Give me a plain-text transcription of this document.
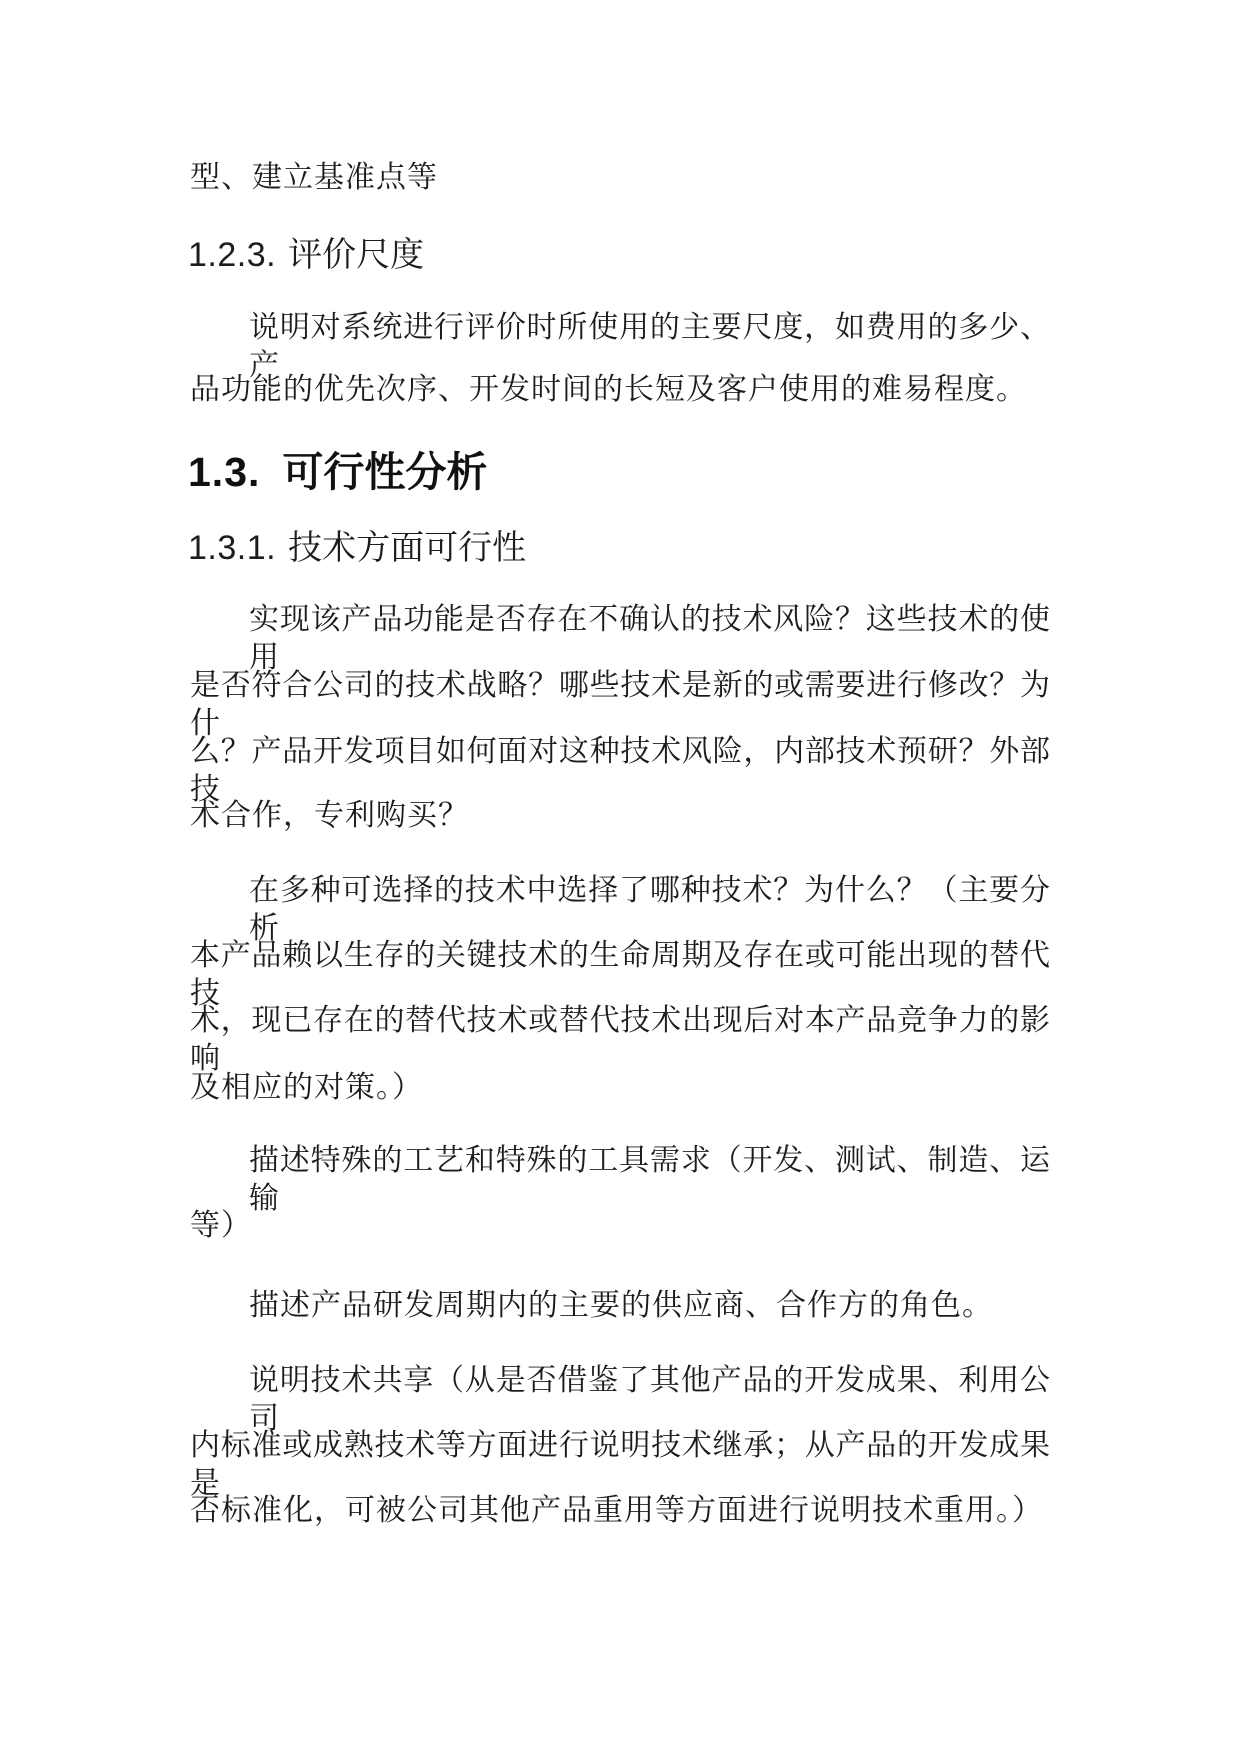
型、建立基准点等
1.2.3. 评价尺度
说明对系统进行评价时所使用的主要尺度，如费用的多少、产
品功能的优先次序、开发时间的长短及客户使用的难易程度。
1.3. 可行性分析
1.3.1. 技术方面可行性
实现该产品功能是否存在不确认的技术风险？这些技术的使用
是否符合公司的技术战略？哪些技术是新的或需要进行修改？为什
么？产品开发项目如何面对这种技术风险，内部技术预研？外部技
术合作，专利购买？
在多种可选择的技术中选择了哪种技术？为什么？（主要分析
本产品赖以生存的关键技术的生命周期及存在或可能出现的替代技
术，现已存在的替代技术或替代技术出现后对本产品竞争力的影响
及相应的对策。）
描述特殊的工艺和特殊的工具需求（开发、测试、制造、运输
等）
描述产品研发周期内的主要的供应商、合作方的角色。
说明技术共享（从是否借鉴了其他产品的开发成果、利用公司
内标准或成熟技术等方面进行说明技术继承；从产品的开发成果是
否标准化，可被公司其他产品重用等方面进行说明技术重用。）
